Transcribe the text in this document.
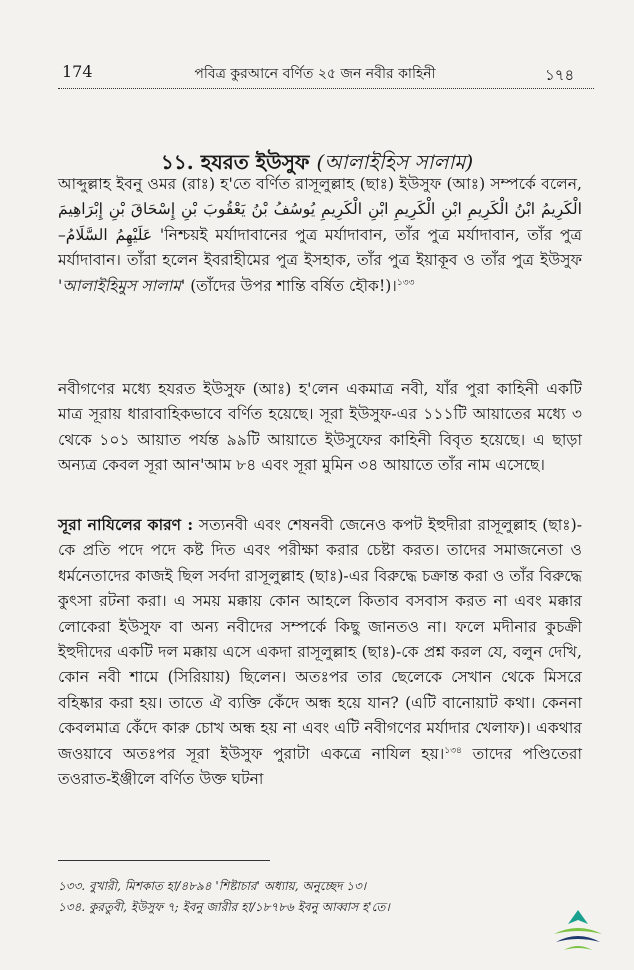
174	পবিত্র কুরআনে বর্ণিত ২৫ জন নবীর কাহিনী	১৭৪
১১. হযরত ইউসুফ (আলাইহিস সালাম)
আব্দুল্লাহ ইবনু ওমর (রাঃ) হ'তে বর্ণিত রাসূলুল্লাহ (ছাঃ) ইউসুফ (আঃ) সম্পর্কে বলেন, الْكَرِيمُ ابْنُ الْكَرِيمِ ابْنِ الْكَرِيمِ ابْنِ الْكَرِيمِ يُوسُفُ بْنُ يَعْقُوبَ بْنِ إِسْحَاقَ بْنِ إِبْرَاهِيمَ عَلَيْهِمُ السَّلَامُ– 'নিশ্চয়ই মর্যাদাবানের পুত্র মর্যাদাবান, তাঁর পুত্র মর্যাদাবান, তাঁর পুত্র মর্যাদাবান। তাঁরা হলেন ইবরাহীমের পুত্র ইসহাক, তাঁর পুত্র ইয়াকূব ও তাঁর পুত্র ইউসুফ 'আলাইহিমুস সালাম' (তাঁদের উপর শান্তি বর্ষিত হৌক!)।$^{১৩৩}$
নবীগণের মধ্যে হযরত ইউসুফ (আঃ) হ'লেন একমাত্র নবী, যাঁর পুরা কাহিনী একটি মাত্র সূরায় ধারাবাহিকভাবে বর্ণিত হয়েছে। সূরা ইউসুফ-এর ১১১টি আয়াতের মধ্যে ৩ থেকে ১০১ আয়াত পর্যন্ত ৯৯টি আয়াতে ইউসুফের কাহিনী বিবৃত হয়েছে। এ ছাড়া অন্যত্র কেবল সূরা আন'আম ৮৪ এবং সূরা মুমিন ৩৪ আয়াতে তাঁর নাম এসেছে।
সূরা নাযিলের কারণ : সত্যনবী এবং শেষনবী জেনেও কপট ইহুদীরা রাসূলুল্লাহ (ছাঃ)-কে প্রতি পদে পদে কষ্ট দিত এবং পরীক্ষা করার চেষ্টা করত। তাদের সমাজনেতা ও ধর্মনেতাদের কাজই ছিল সর্বদা রাসূলুল্লাহ (ছাঃ)-এর বিরুদ্ধে চক্রান্ত করা ও তাঁর বিরুদ্ধে কুৎসা রটনা করা। এ সময় মক্কায় কোন আহলে কিতাব বসবাস করত না এবং মক্কার লোকেরা ইউসুফ বা অন্য নবীদের সম্পর্কে কিছু জানতও না। ফলে মদীনার কুচক্রী ইহুদীদের একটি দল মক্কায় এসে একদা রাসূলুল্লাহ (ছাঃ)-কে প্রশ্ন করল যে, বলুন দেখি, কোন নবী শামে (সিরিয়ায়) ছিলেন। অতঃপর তার ছেলেকে সেখান থেকে মিসরে বহিষ্কার করা হয়। তাতে ঐ ব্যক্তি কেঁদে অন্ধ হয়ে যান? (এটি বানোয়াট কথা। কেননা কেবলমাত্র কেঁদে কারু চোখ অন্ধ হয় না এবং এটি নবীগণের মর্যাদার খেলাফ)। একথার জওয়াবে অতঃপর সূরা ইউসুফ পুরাটা একত্রে নাযিল হয়।$^{১৩৪}$ তাদের পণ্ডিতেরা তওরাত-ইঞ্জীলে বর্ণিত উক্ত ঘটনা
১৩৩. বুখারী, মিশকাত হা/৪৮৯৪ 'শিষ্টাচার' অধ্যায়, অনুচ্ছেদ ১৩।
১৩৪. কুরতুবী, ইউসুফ ৭; ইবনু জারীর হা/১৮৭৮৬ ইবনু আব্বাস হ'তে।
